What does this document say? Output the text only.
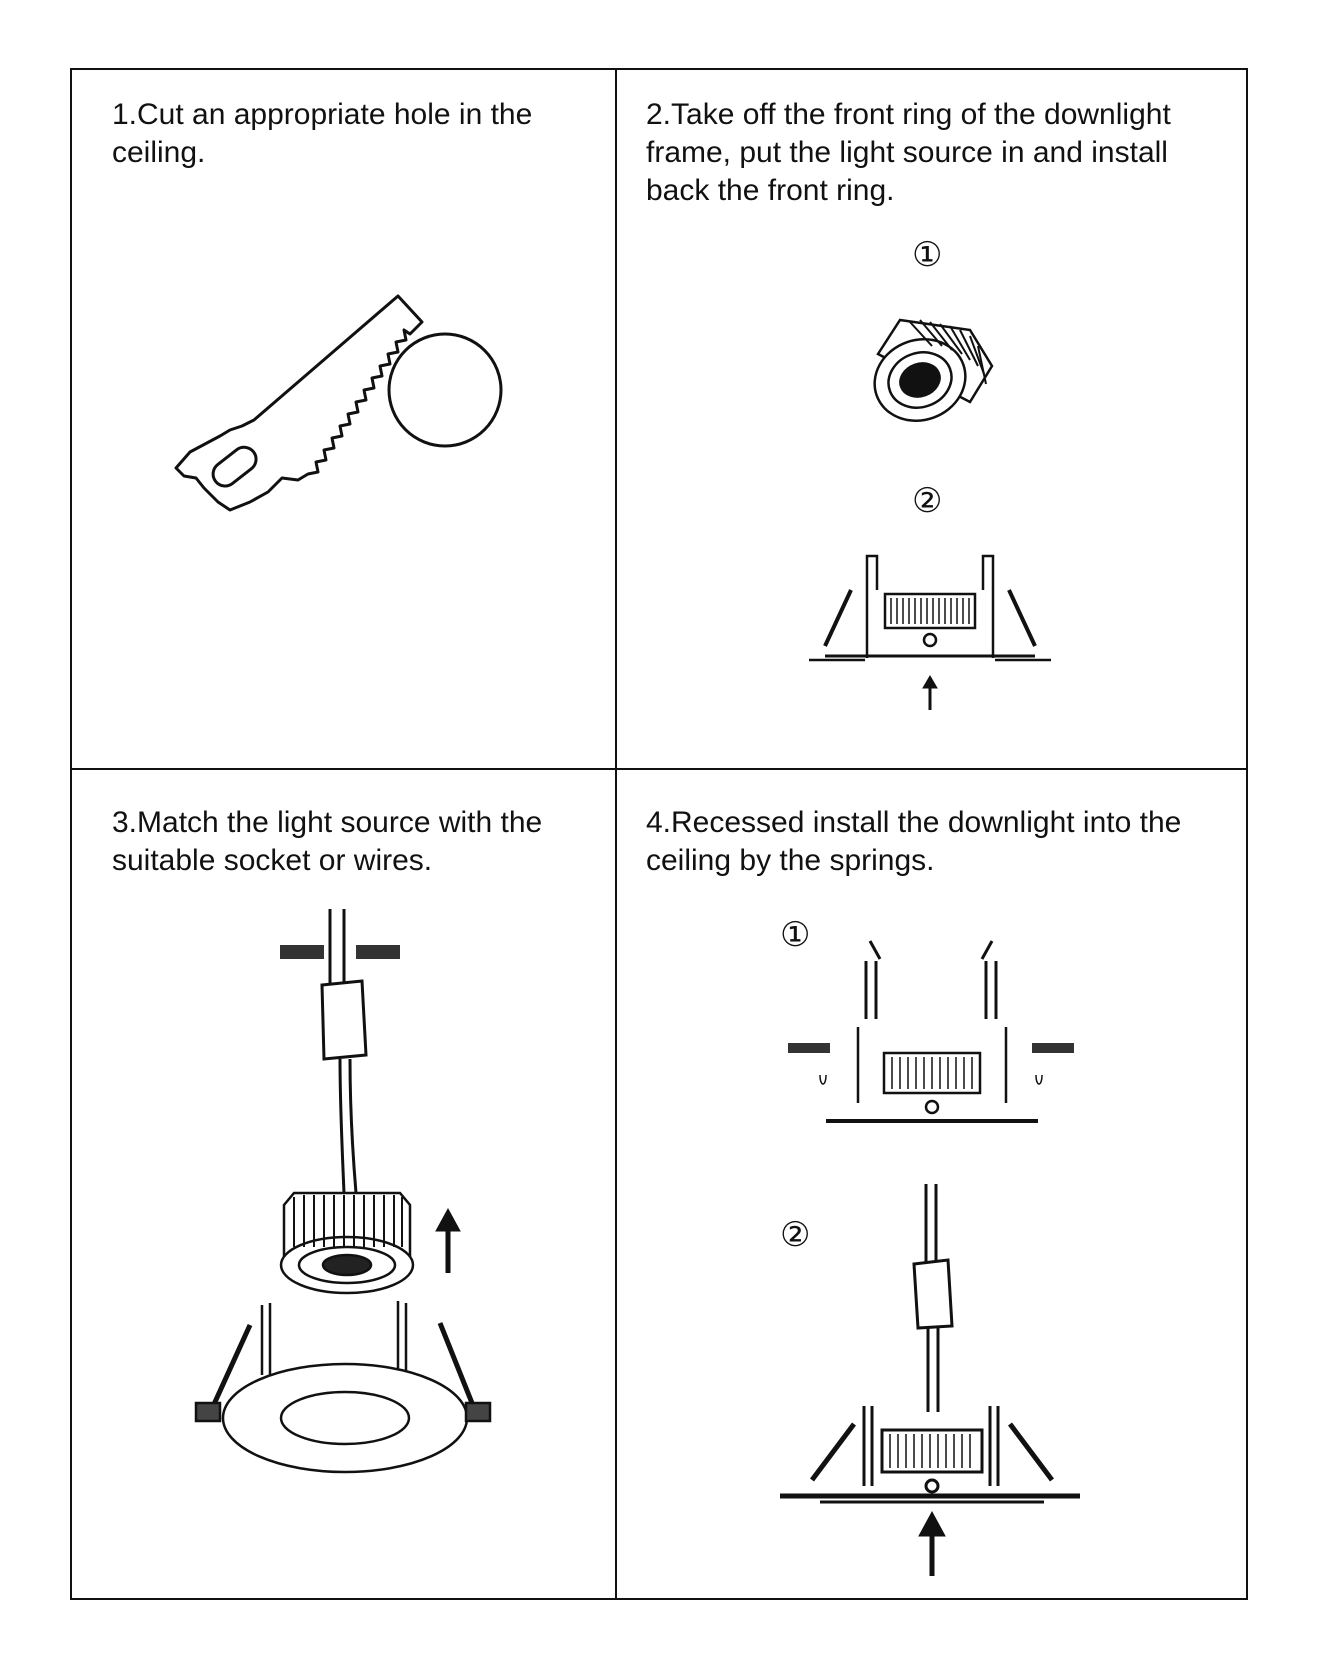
1.Cut an appropriate hole in the ceiling.

2.Take off the front ring of the downlight frame, put the light source in and install back the front ring.

3.Match the light source with the suitable socket or wires.

4.Recessed install the downlight into the ceiling by the springs.

①
②
①
②
